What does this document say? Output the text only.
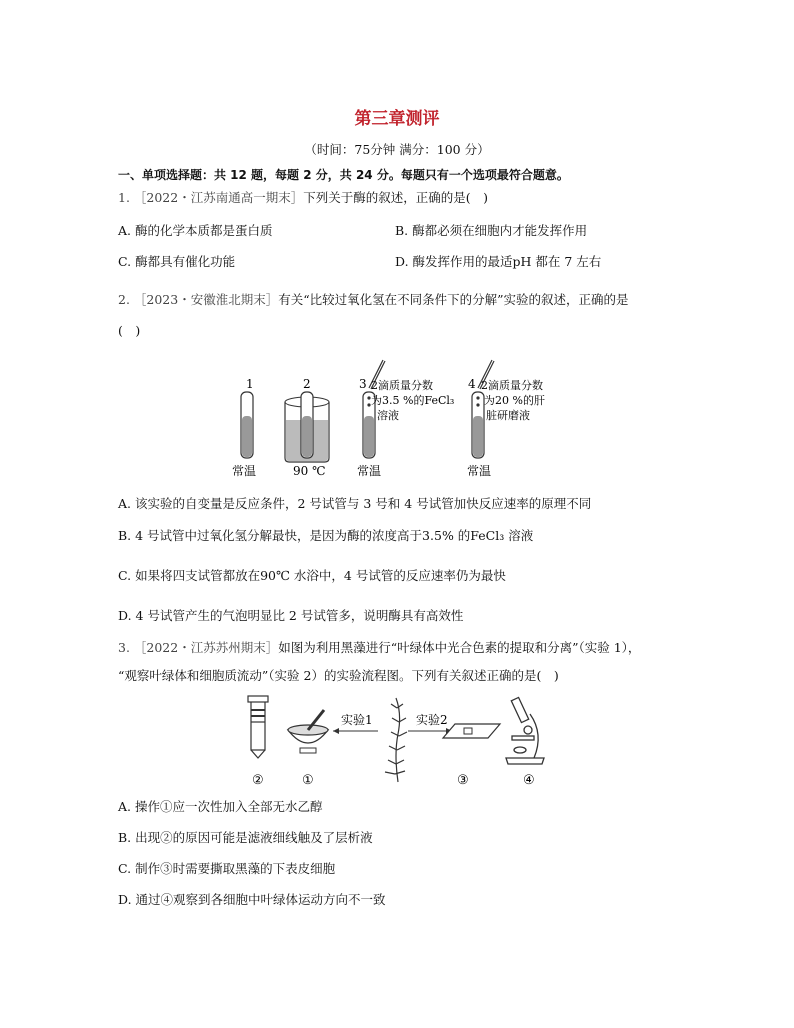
第三章测评
（时间：75分钟 满分：100 分）
一、单项选择题：共 12 题，每题 2 分，共 24 分。每题只有一个选项最符合题意。
1. ［2022・江苏南通高一期末］下列关于酶的叙述，正确的是(　)
A. 酶的化学本质都是蛋白质	B. 酶都必须在细胞内才能发挥作用
C. 酶都具有催化功能	D. 酶发挥作用的最适pH 都在 7 左右
2. ［2023・安徽淮北期末］有关“比较过氧化氢在不同条件下的分解”实验的叙述，正确的是
(　)
1	2	3 2滴质量分数
为3.5 %的FeCl₃
溶液
4 2滴质量分数
为20 %的肝
脏研磨液
常温	90 ℃	常温	常温
A. 该实验的自变量是反应条件，2 号试管与 3 号和 4 号试管加快反应速率的原理不同
B. 4 号试管中过氧化氢分解最快，是因为酶的浓度高于3.5% 的FeCl₃ 溶液
C. 如果将四支试管都放在90℃ 水浴中，4 号试管的反应速率仍为最快
D. 4 号试管产生的气泡明显比 2 号试管多，说明酶具有高效性
3. ［2022・江苏苏州期末］如图为利用黑藻进行“叶绿体中光合色素的提取和分离”（实验 1），
“观察叶绿体和细胞质流动”（实验 2）的实验流程图。下列有关叙述正确的是(　)
实验1	实验2
②	①	③	④
A. 操作①应一次性加入全部无水乙醇
B. 出现②的原因可能是滤液细线触及了层析液
C. 制作③时需要撕取黑藻的下表皮细胞
D. 通过④观察到各细胞中叶绿体运动方向不一致
